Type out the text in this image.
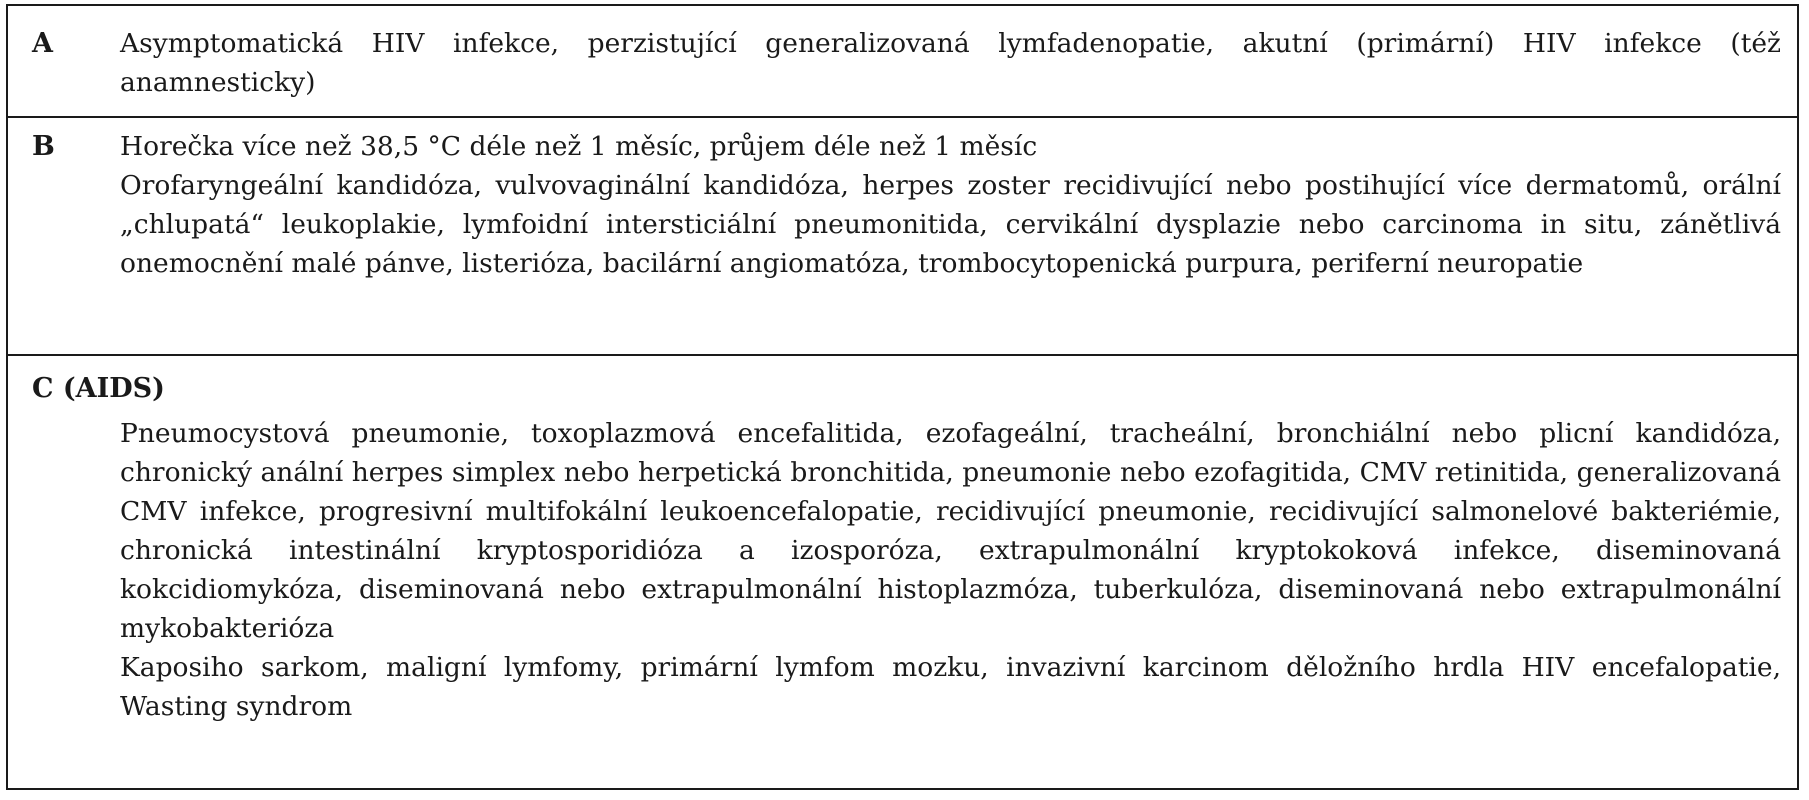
A	Asymptomatická HIV infekce, perzistující generalizovaná lymfadenopatie, akutní (primární) HIV infekce (též anamnesticky)
B Horečka více než 38,5 °C déle než 1 měsíc, průjem déle než 1 měsíc
Orofaryngeální kandidóza, vulvovaginální kandidóza, herpes zoster recidivující nebo postihující více dermatomů, orální „chlupatá“ leukoplakie, lymfoidní intersticiální pneumonitida, cervikální dysplazie nebo carcinoma in situ, zánětlivá onemocnění malé pánve, listerióza, bacilární angiomatóza, trombocytopenická purpura, periferní neuropatie
C (AIDS)
Pneumocystová pneumonie, toxoplazmová encefalitida, ezofageální, tracheální, bronchiální nebo plicní kandidóza, chronický anální herpes simplex nebo herpetická bronchitida, pneumonie nebo ezofagitida, CMV retinitida, generalizovaná CMV infekce, progresivní multifokální leukoencefalopatie, recidivující pneumonie, recidivující salmonelové bakteriémie, chronická intestinální kryptosporidióza a izosporóza, extrapulmonální kryptokoková infekce, diseminovaná kokcidiomykóza, diseminovaná nebo extrapulmonální histoplazmóza, tuberkulóza, diseminovaná nebo extrapulmonální mykobakterióza
Kaposiho sarkom, maligní lymfomy, primární lymfom mozku, invazivní karcinom děložního hrdla HIV encefalopatie, Wasting syndrom
